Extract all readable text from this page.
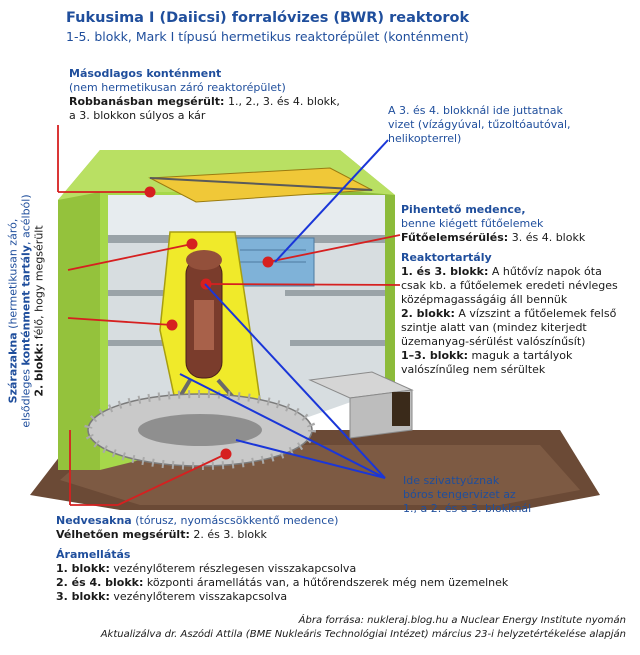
Fukusima I (Daiicsi) forralóvizes (BWR) reaktorok
1-5. blokk, Mark I típusú hermetikus reaktorépület (konténment)
Másodlagos konténment
(nem hermetikusan záró reaktorépület)
Robbanásban megsérült: 1., 2., 3. és 4. blokk,
a 3. blokkon súlyos a kár	A 3. és 4. blokknál ide juttatnak
vizet (vízágyúval, tűzoltóautóval,
helikopterrel)
Pihentető medence,
benne kiégett fűtőelemek
Fűtőelemsérülés: 3. és 4. blokk
Reaktortartály
1. és 3. blokk: A hűtővíz napok óta
csak kb. a fűtőelemek eredeti névleges
középmagasságáig áll bennük
2. blokk: A vízszint a fűtőelemek felső
szintje alatt van (mindez kiterjedt
üzemanyag-sérülést valószínűsít)
1–3. blokk: maguk a tartályok
valószínűleg nem sérültek
Szárazakna (hermetikusan záró,
elsődleges konténment tartály, acélból)
2. blokk: félő, hogy megsérült
Ide szivattyúznak
bóros tengervizet az
1., a 2. és a 3. blokknál
Nedvesakna (tórusz, nyomáscsökkentő medence)
Vélhetően megsérült: 2. és 3. blokk
Áramellátás
1. blokk: vezénylőterem részlegesen visszakapcsolva
2. és 4. blokk: központi áramellátás van, a hűtőrendszerek még nem üzemelnek
3. blokk: vezénylőterem visszakapcsolva
Ábra forrása: nukleraj.blog.hu a Nuclear Energy Institute nyomán
Aktualizálva dr. Aszódi Attila (BME Nukleáris Technológiai Intézet) március 23-i helyzetértékelése alapján
